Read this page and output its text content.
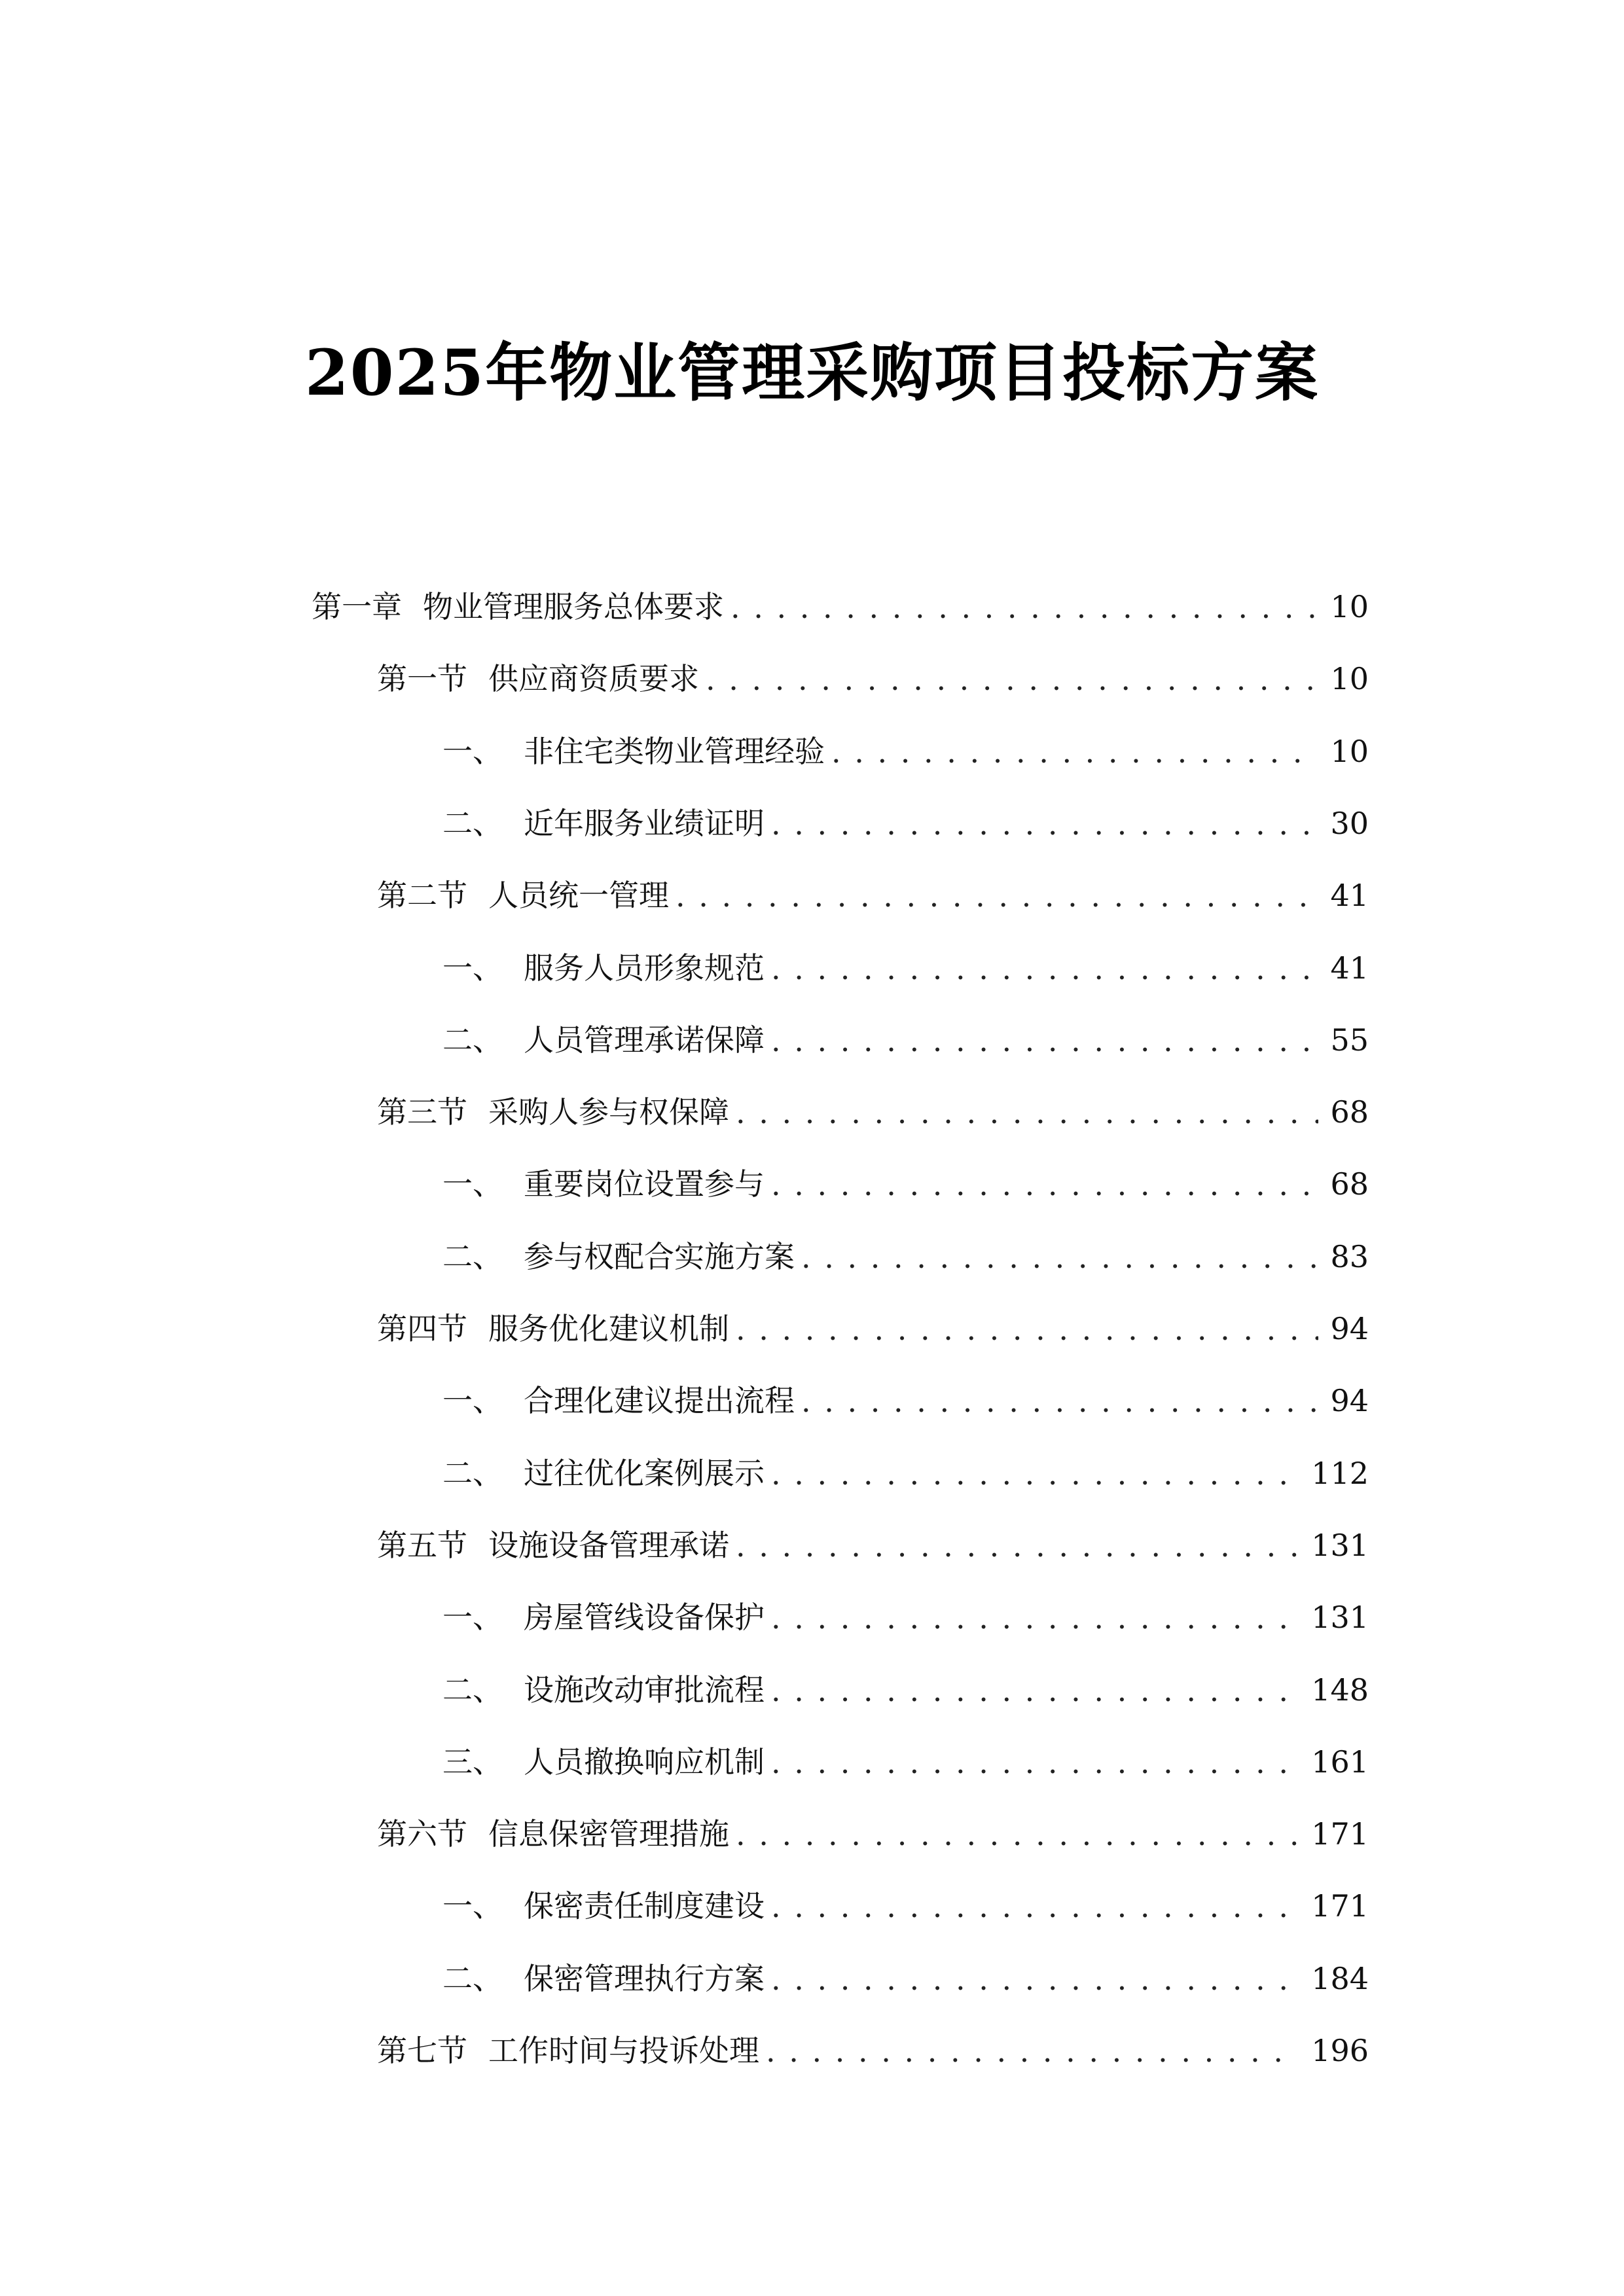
2025年物业管理采购项目投标方案
第一章 物业管理服务总体要求 . . .	10
第一节 供应商资质要求 . . .	10
一、 非住宅类物业管理经验 . . .	10
二、 近年服务业绩证明 . . .	30
第二节 人员统一管理 . . .	41
一、 服务人员形象规范 . . .	41
二、 人员管理承诺保障 . . .	55
第三节 采购人参与权保障 . . .	68
一、 重要岗位设置参与 . . .	68
二、 参与权配合实施方案 . . .	83
第四节 服务优化建议机制 . . .	94
一、 合理化建议提出流程 . . .	94
二、 过往优化案例展示 . . .	112
第五节 设施设备管理承诺 . . .	131
一、 房屋管线设备保护 . . .	131
二、 设施改动审批流程 . . .	148
三、 人员撤换响应机制 . . .	161
第六节 信息保密管理措施 . . .	171
一、 保密责任制度建设 . . .	171
二、 保密管理执行方案 . . .	184
第七节 工作时间与投诉处理 . . .	196
